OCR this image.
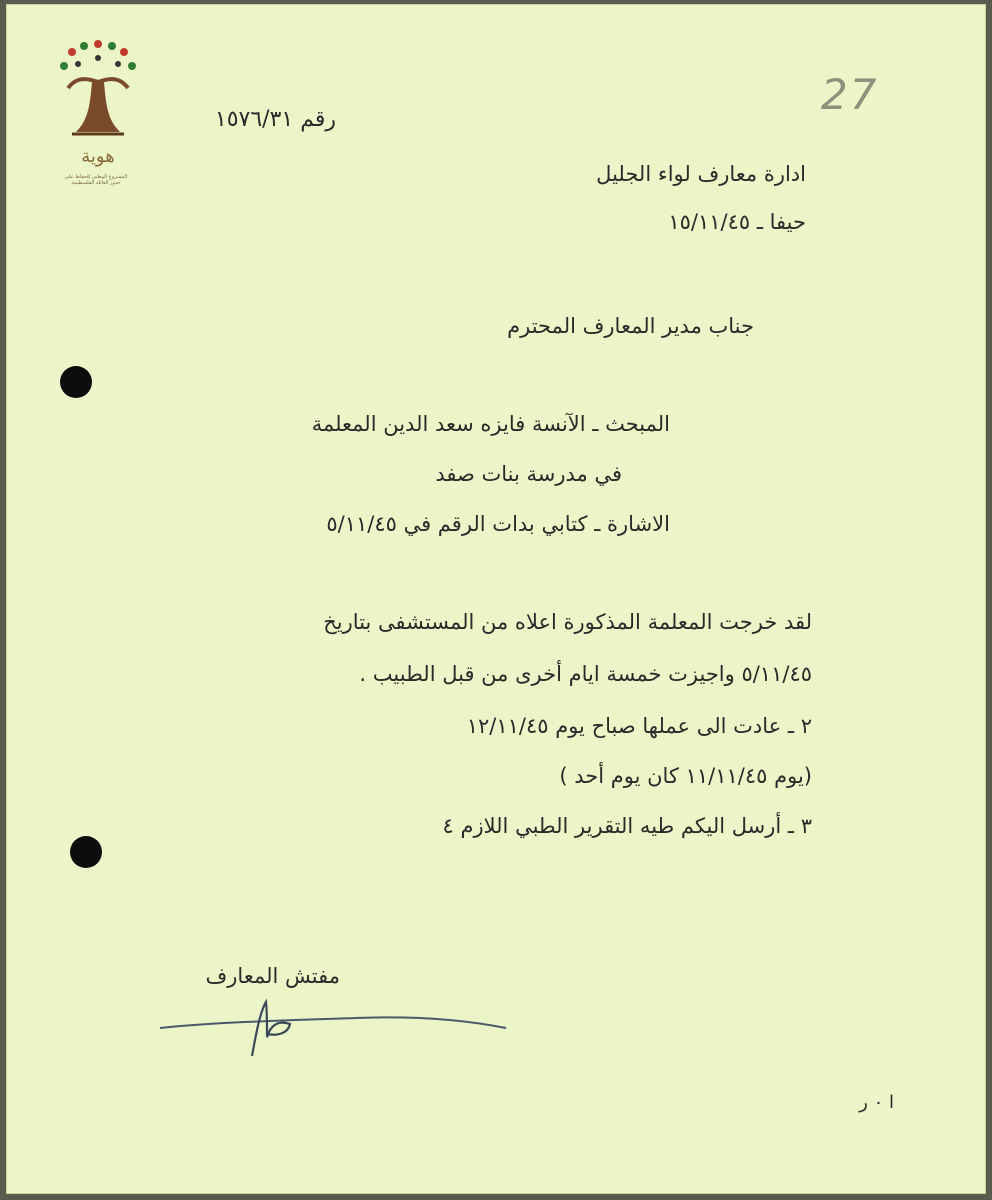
هوية
المشروع الوطني للحفاظ على
جذور العائلة الفلسطينية
27
رقم ١٥٧٦/٣١
ادارة معارف لواء الجليل
حيفا ـ ١٥/١١/٤٥
جناب مدير المعارف المحترم
المبحث ـ الآنسة فايزه سعد الدين المعلمة
في مدرسة بنات صفد
الاشارة ـ كتابي بدات الرقم في ٥/١١/٤٥
لقد خرجت المعلمة المذكورة اعلاه من المستشفى بتاريخ
٥/١١/٤٥ واجيزت خمسة ايام أخرى من قبل الطبيب .
٢ ـ عادت الى عملها صباح يوم ١٢/١١/٤٥
(يوم ١١/١١/٤٥ كان يوم أحد )
٣ ـ أرسل اليكم طيه التقرير الطبي اللازم ٤
مفتش المعارف
ا ٠ ر
